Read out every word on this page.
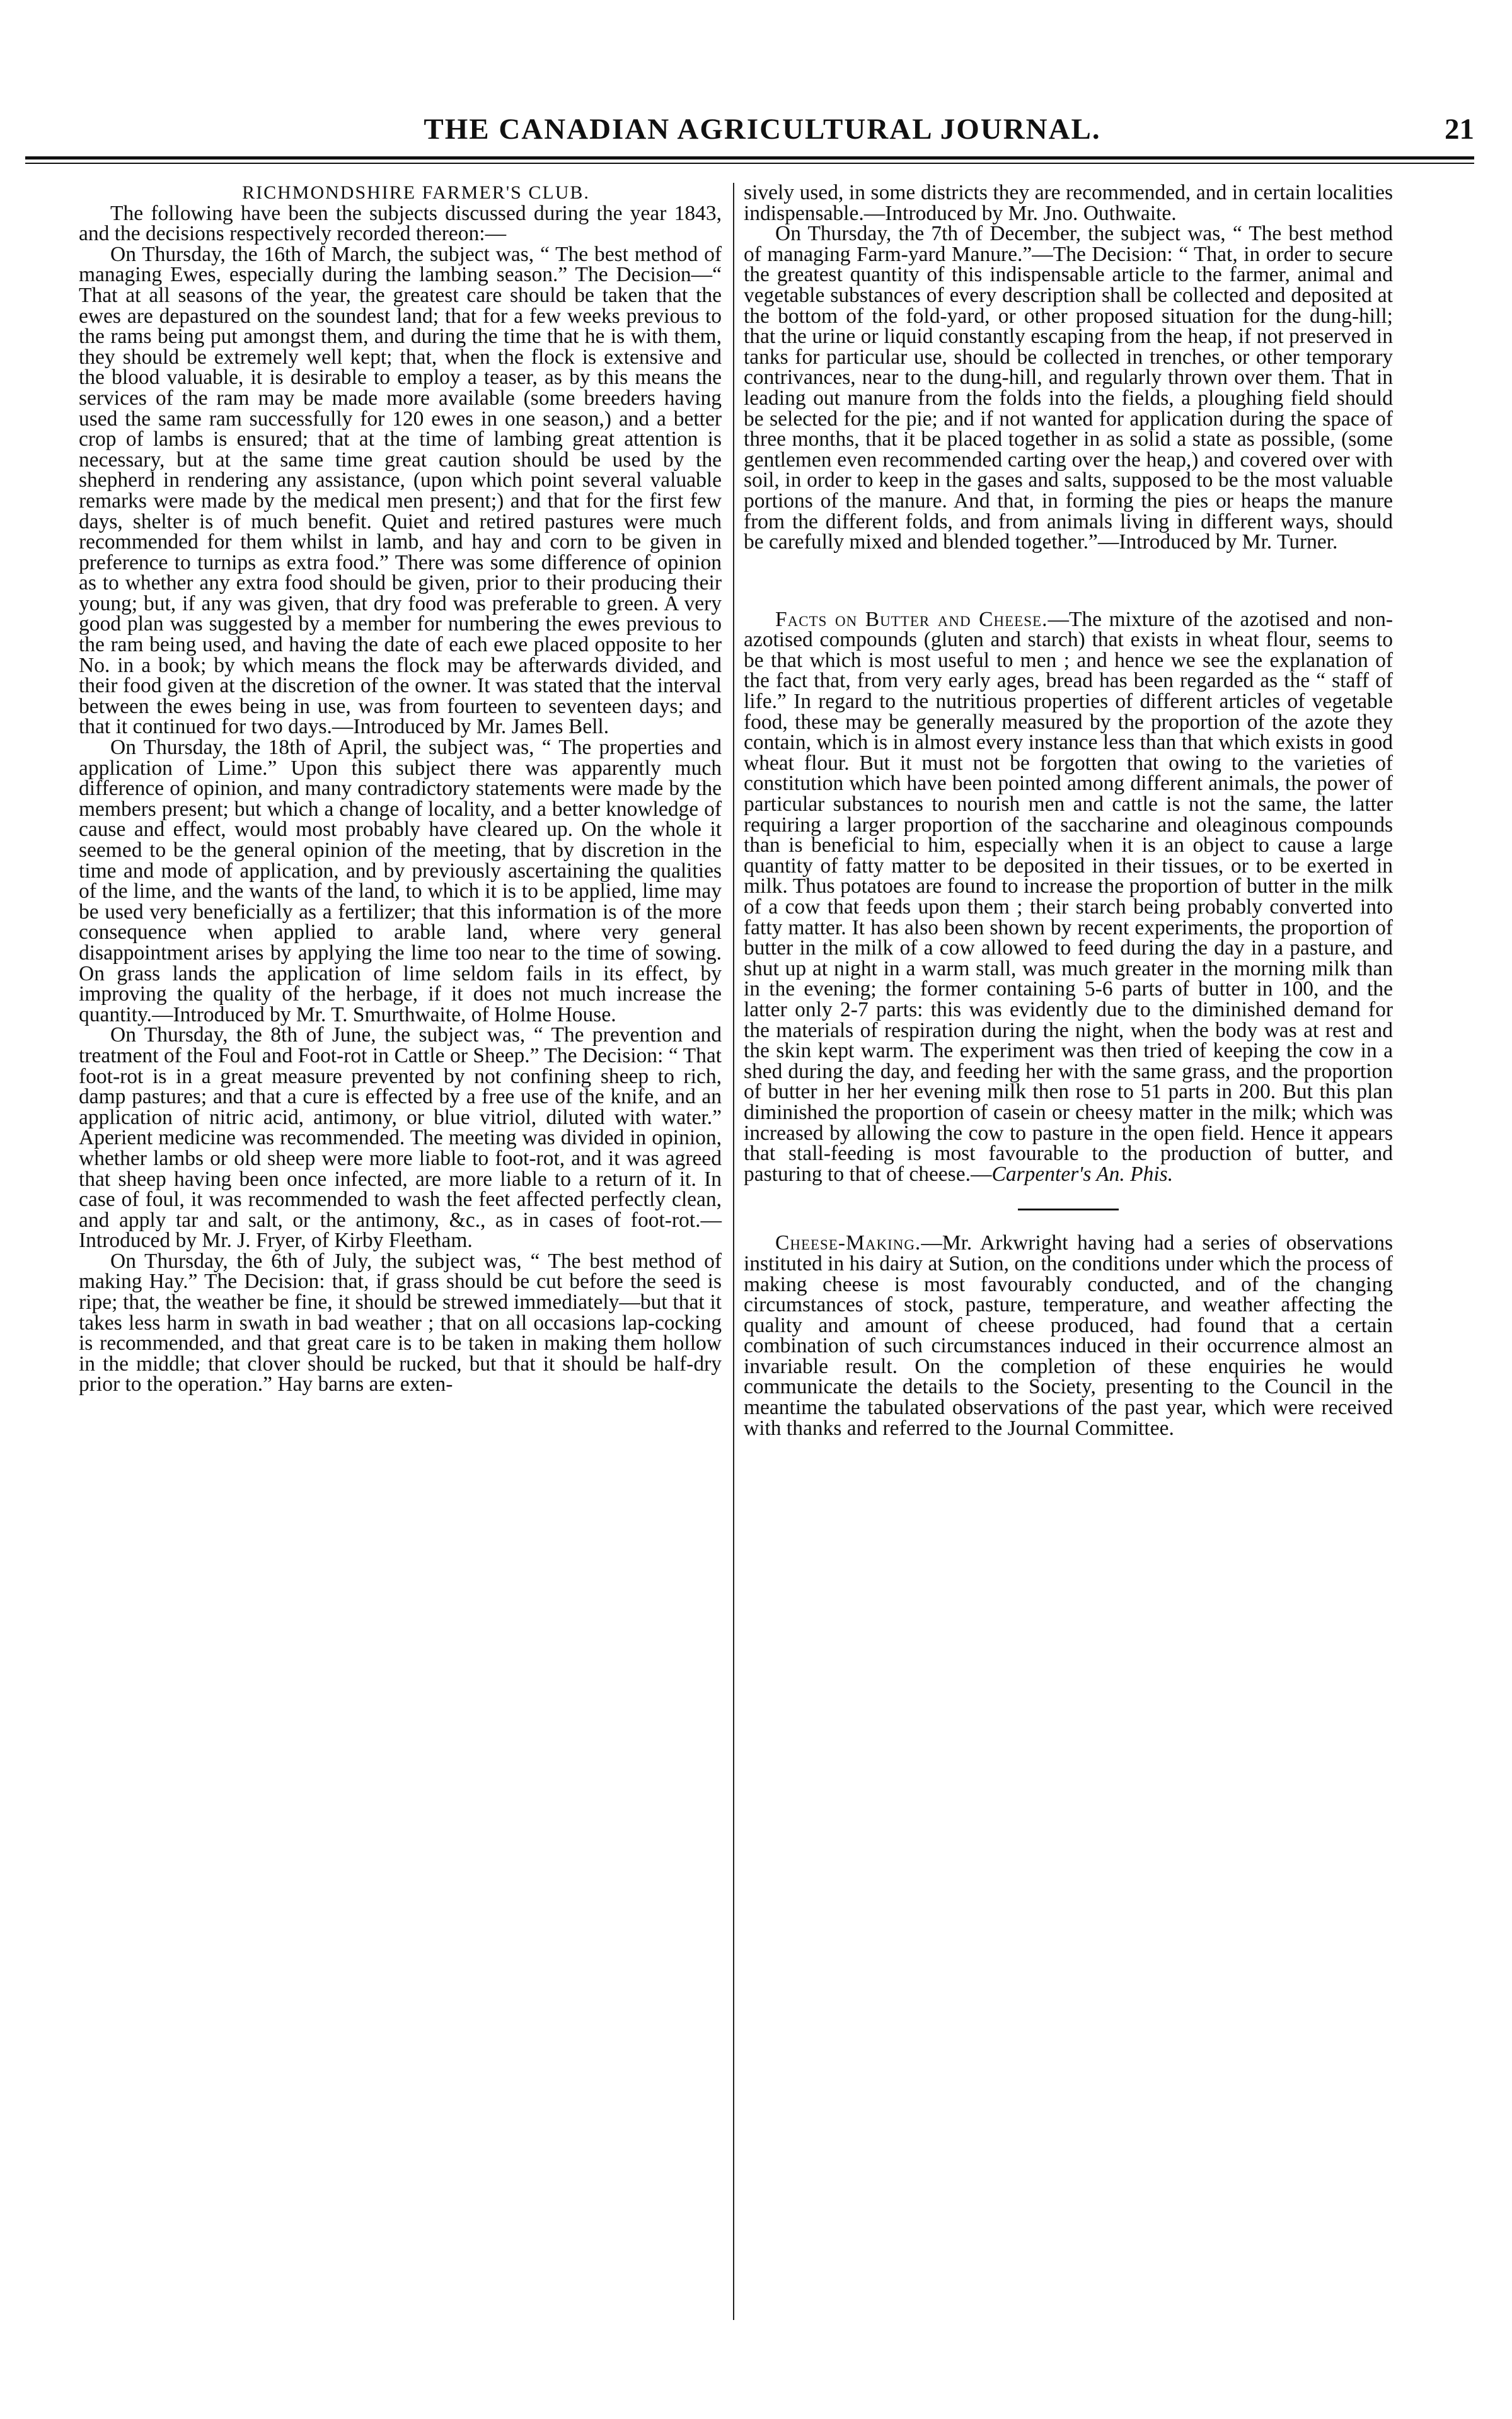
THE CANADIAN AGRICULTURAL JOURNAL.	21

RICHMONDSHIRE FARMER'S CLUB.

The following have been the subjects discussed during the year 1843, and the decisions respectively recorded thereon:—

On Thursday, the 16th of March, the subject was, “ The best method of managing Ewes, especially during the lambing season.” The Decision—“ That at all seasons of the year, the greatest care should be taken that the ewes are depastured on the soundest land; that for a few weeks previous to the rams being put amongst them, and during the time that he is with them, they should be extremely well kept; that, when the flock is extensive and the blood valuable, it is desirable to employ a teaser, as by this means the services of the ram may be made more available (some breeders having used the same ram successfully for 120 ewes in one season,) and a better crop of lambs is ensured; that at the time of lambing great attention is necessary, but at the same time great caution should be used by the shepherd in rendering any assistance, (upon which point several valuable remarks were made by the medical men present;) and that for the first few days, shelter is of much benefit. Quiet and retired pastures were much recommended for them whilst in lamb, and hay and corn to be given in preference to turnips as extra food.” There was some difference of opinion as to whether any extra food should be given, prior to their producing their young; but, if any was given, that dry food was preferable to green. A very good plan was suggested by a member for numbering the ewes previous to the ram being used, and having the date of each ewe placed opposite to her No. in a book; by which means the flock may be afterwards divided, and their food given at the discretion of the owner. It was stated that the interval between the ewes being in use, was from fourteen to seventeen days; and that it continued for two days.—Introduced by Mr. James Bell.

On Thursday, the 18th of April, the subject was, “ The properties and application of Lime.” Upon this subject there was apparently much difference of opinion, and many contradictory statements were made by the members present; but which a change of locality, and a better knowledge of cause and effect, would most probably have cleared up. On the whole it seemed to be the general opinion of the meeting, that by discretion in the time and mode of application, and by previously ascertaining the qualities of the lime, and the wants of the land, to which it is to be applied, lime may be used very beneficially as a fertilizer; that this information is of the more consequence when applied to arable land, where very general disappointment arises by applying the lime too near to the time of sowing. On grass lands the application of lime seldom fails in its effect, by improving the quality of the herbage, if it does not much increase the quantity.—Introduced by Mr. T. Smurthwaite, of Holme House.

On Thursday, the 8th of June, the subject was, “ The prevention and treatment of the Foul and Foot-rot in Cattle or Sheep.” The Decision: “ That foot-rot is in a great measure prevented by not confining sheep to rich, damp pastures; and that a cure is effected by a free use of the knife, and an application of nitric acid, antimony, or blue vitriol, diluted with water.” Aperient medicine was recommended. The meeting was divided in opinion, whether lambs or old sheep were more liable to foot-rot, and it was agreed that sheep having been once infected, are more liable to a return of it. In case of foul, it was recommended to wash the feet affected perfectly clean, and apply tar and salt, or the antimony, &c., as in cases of foot-rot.—Introduced by Mr. J. Fryer, of Kirby Fleetham.

On Thursday, the 6th of July, the subject was, “ The best method of making Hay.” The Decision: that, if grass should be cut before the seed is ripe; that, the weather be fine, it should be strewed immediately—but that it takes less harm in swath in bad weather ; that on all occasions lap-cocking is recommended, and that great care is to be taken in making them hollow in the middle; that clover should be rucked, but that it should be half-dry prior to the operation.” Hay barns are exten-

sively used, in some districts they are recommended, and in certain localities indispensable.—Introduced by Mr. Jno. Outhwaite.

On Thursday, the 7th of December, the subject was, “ The best method of managing Farm-yard Manure.”—The Decision: “ That, in order to secure the greatest quantity of this indispensable article to the farmer, animal and vegetable substances of every description shall be collected and deposited at the bottom of the fold-yard, or other proposed situation for the dung-hill; that the urine or liquid constantly escaping from the heap, if not preserved in tanks for particular use, should be collected in trenches, or other temporary contrivances, near to the dung-hill, and regularly thrown over them. That in leading out manure from the folds into the fields, a ploughing field should be selected for the pie; and if not wanted for application during the space of three months, that it be placed together in as solid a state as possible, (some gentlemen even recommended carting over the heap,) and covered over with soil, in order to keep in the gases and salts, supposed to be the most valuable portions of the manure. And that, in forming the pies or heaps the manure from the different folds, and from animals living in different ways, should be carefully mixed and blended together.”—Introduced by Mr. Turner.

Facts on Butter and Cheese.—The mixture of the azotised and non-azotised compounds (gluten and starch) that exists in wheat flour, seems to be that which is most useful to men ; and hence we see the explanation of the fact that, from very early ages, bread has been regarded as the “ staff of life.” In regard to the nutritious properties of different articles of vegetable food, these may be generally measured by the proportion of the azote they contain, which is in almost every instance less than that which exists in good wheat flour. But it must not be forgotten that owing to the varieties of constitution which have been pointed among different animals, the power of particular substances to nourish men and cattle is not the same, the latter requiring a larger proportion of the saccharine and oleaginous compounds than is beneficial to him, especially when it is an object to cause a large quantity of fatty matter to be deposited in their tissues, or to be exerted in milk. Thus potatoes are found to increase the proportion of butter in the milk of a cow that feeds upon them ; their starch being probably converted into fatty matter. It has also been shown by recent experiments, the proportion of butter in the milk of a cow allowed to feed during the day in a pasture, and shut up at night in a warm stall, was much greater in the morning milk than in the evening; the former containing 5-6 parts of butter in 100, and the latter only 2-7 parts: this was evidently due to the diminished demand for the materials of respiration during the night, when the body was at rest and the skin kept warm. The experiment was then tried of keeping the cow in a shed during the day, and feeding her with the same grass, and the proportion of butter in her her evening milk then rose to 51 parts in 200. But this plan diminished the proportion of casein or cheesy matter in the milk; which was increased by allowing the cow to pasture in the open field. Hence it appears that stall-feeding is most favourable to the production of butter, and pasturing to that of cheese.—Carpenter's An. Phis.

Cheese-Making.—Mr. Arkwright having had a series of observations instituted in his dairy at Sution, on the conditions under which the process of making cheese is most favourably conducted, and of the changing circumstances of stock, pasture, temperature, and weather affecting the quality and amount of cheese produced, had found that a certain combination of such circumstances induced in their occurrence almost an invariable result. On the completion of these enquiries he would communicate the details to the Society, presenting to the Council in the meantime the tabulated observations of the past year, which were received with thanks and referred to the Journal Committee.
